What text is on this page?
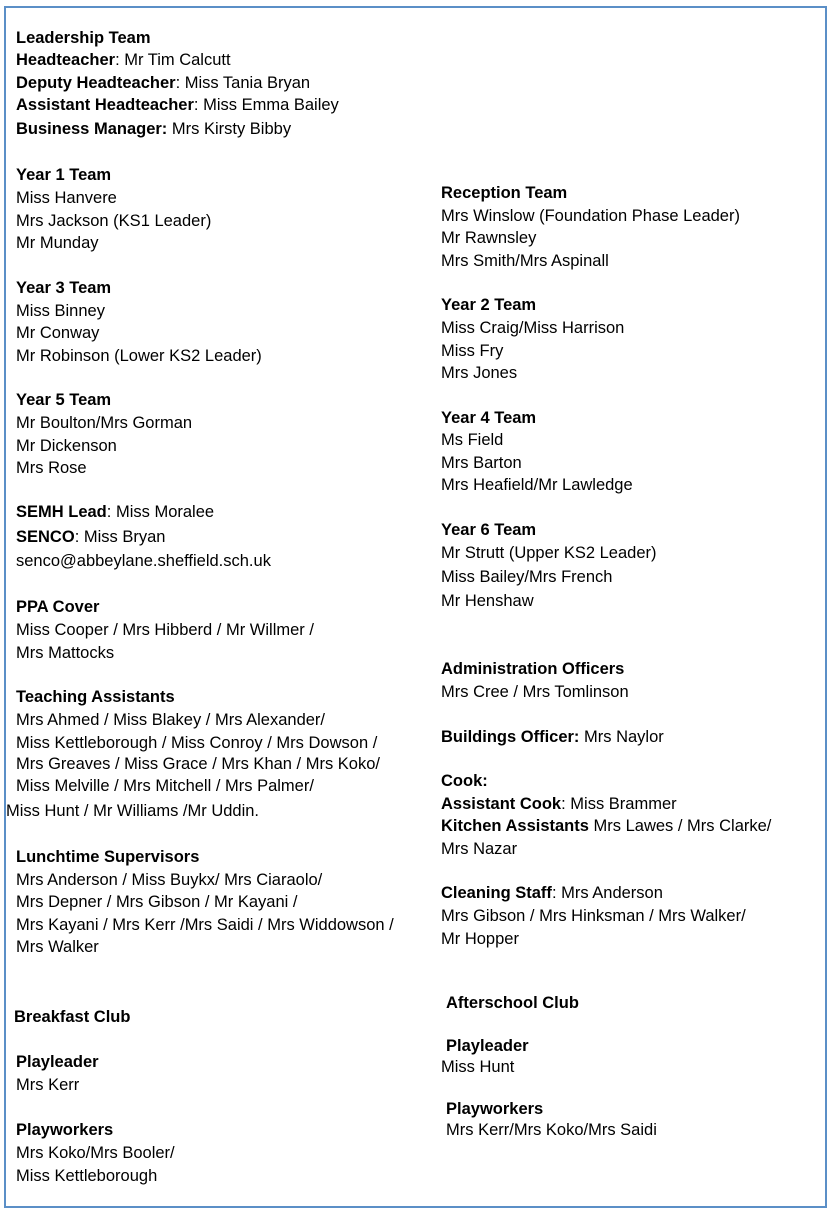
Leadership Team
Headteacher: Mr Tim Calcutt
Deputy Headteacher: Miss Tania Bryan
Assistant Headteacher: Miss Emma Bailey
Business Manager: Mrs Kirsty Bibby
Year 1 Team
Miss Hanvere
Mrs Jackson (KS1 Leader)
Mr Munday
Year 3 Team
Miss Binney
Mr Conway
Mr Robinson (Lower KS2 Leader)
Year 5 Team
Mr Boulton/Mrs Gorman
Mr Dickenson
Mrs Rose
SEMH Lead: Miss Moralee
SENCO: Miss Bryan
senco@abbeylane.sheffield.sch.uk
PPA Cover
Miss Cooper / Mrs Hibberd / Mr Willmer /
Mrs Mattocks
Teaching Assistants
Mrs Ahmed / Miss Blakey / Mrs Alexander/
Miss Kettleborough / Miss Conroy / Mrs Dowson /
Mrs Greaves / Miss Grace / Mrs Khan / Mrs Koko/
Miss Melville / Mrs Mitchell / Mrs Palmer/
Miss Hunt / Mr Williams /Mr Uddin.
Lunchtime Supervisors
Mrs Anderson / Miss Buykx/ Mrs Ciaraolo/
Mrs Depner / Mrs Gibson / Mr Kayani /
Mrs Kayani / Mrs Kerr /Mrs Saidi / Mrs Widdowson /
Mrs Walker
Breakfast Club
Playleader
Mrs Kerr
Playworkers
Mrs Koko/Mrs Booler/
Miss Kettleborough
Reception Team
Mrs Winslow (Foundation Phase Leader)
Mr Rawnsley
Mrs Smith/Mrs Aspinall
Year 2 Team
Miss Craig/Miss Harrison
Miss Fry
Mrs Jones
Year 4 Team
Ms Field
Mrs Barton
Mrs Heafield/Mr Lawledge
Year 6 Team
Mr Strutt (Upper KS2 Leader)
Miss Bailey/Mrs French
Mr Henshaw
Administration Officers
Mrs Cree / Mrs Tomlinson
Buildings Officer: Mrs Naylor
Cook:
Assistant Cook: Miss Brammer
Kitchen Assistants Mrs Lawes / Mrs Clarke/
Mrs Nazar
Cleaning Staff: Mrs Anderson
Mrs Gibson / Mrs Hinksman / Mrs Walker/
Mr Hopper
Afterschool Club
Playleader
Miss Hunt
Playworkers
Mrs Kerr/Mrs Koko/Mrs Saidi
